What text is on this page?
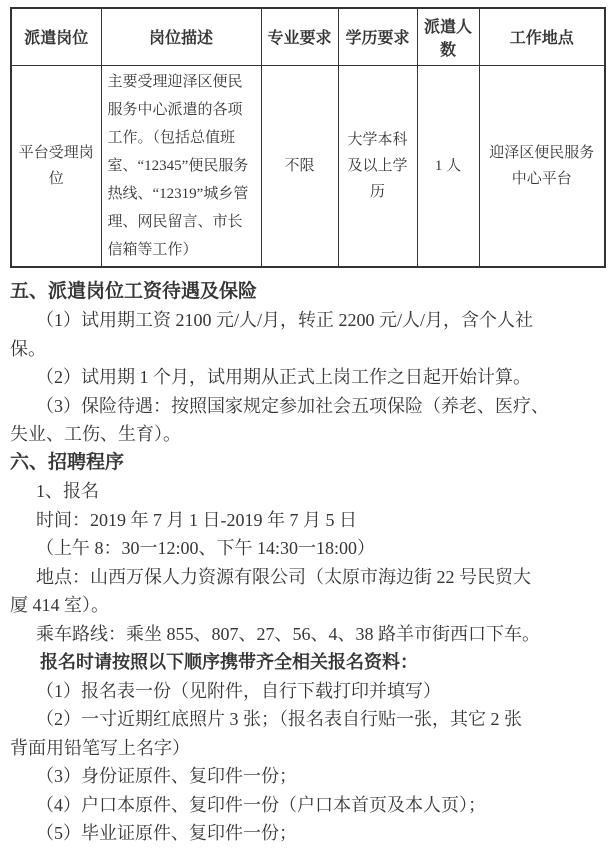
派遣岗位	岗位描述	专业要求	学历要求	派遣人数	工作地点
平台受理岗位	主要受理迎泽区便民服务中心派遣的各项工作。（包括总值班室、“12345”便民服务热线、“12319”城乡管理、网民留言、市长信箱等工作）	不限	大学本科及以上学历	1 人	迎泽区便民服务中心平台
五、派遣岗位工资待遇及保险
（1）试用期工资 2100 元/人/月，转正 2200 元/人/月，含个人社
保。
（2）试用期 1 个月，试用期从正式上岗工作之日起开始计算。
（3）保险待遇：按照国家规定参加社会五项保险（养老、医疗、
失业、工伤、生育）。
六、招聘程序
1、报名
时间：2019 年 7 月 1 日-2019 年 7 月 5 日
（上午 8：30一12:00、下午 14:30一18:00）
地点：山西万保人力资源有限公司（太原市海边街 22 号民贸大
厦 414 室）。
乘车路线：乘坐 855、807、27、56、4、38 路羊市街西口下车。
报名时请按照以下顺序携带齐全相关报名资料：
（1）报名表一份（见附件，自行下载打印并填写）
（2）一寸近期红底照片 3 张；（报名表自行贴一张，其它 2 张
背面用铅笔写上名字）
（3）身份证原件、复印件一份；
（4）户口本原件、复印件一份（户口本首页及本人页）；
（5）毕业证原件、复印件一份；
